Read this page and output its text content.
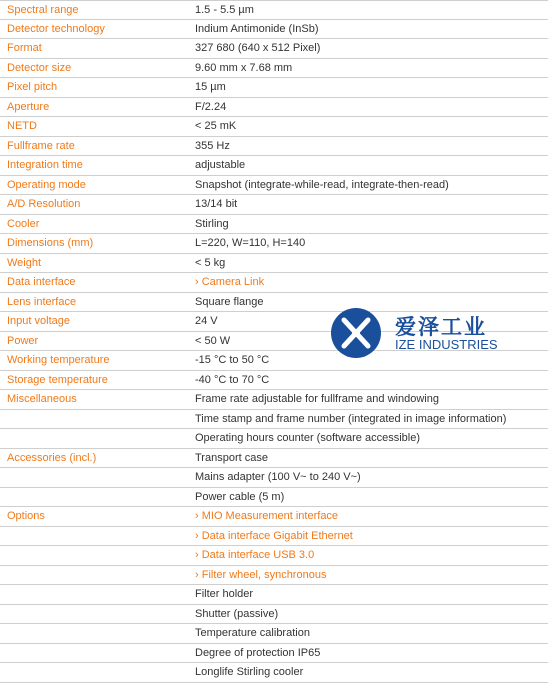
Spectral range	1.5 - 5.5 µm
Detector technology	Indium Antimonide (InSb)
Format	327 680 (640 x 512 Pixel)
Detector size	9.60 mm x 7.68 mm
Pixel pitch	15 µm
Aperture	F/2.24
NETD	< 25 mK
Fullframe rate	355 Hz
Integration time	adjustable
Operating mode	Snapshot (integrate-while-read, integrate-then-read)
A/D Resolution	13/14 bit
Cooler	Stirling
Dimensions (mm)	L=220, W=110, H=140
Weight	< 5 kg
Data interface	› Camera Link
Lens interface	Square flange
Input voltage	24 V
Power	< 50 W
Working temperature	-15 °C to 50 °C
Storage temperature	-40 °C to 70 °C
Miscellaneous	Frame rate adjustable for fullframe and windowing
Time stamp and frame number (integrated in image information)
Operating hours counter (software accessible)
Accessories (incl.)	Transport case
Mains adapter (100 V~ to 240 V~)
Power cable (5 m)
Options	› MIO Measurement interface
› Data interface Gigabit Ethernet
› Data interface USB 3.0
› Filter wheel, synchronous
Filter holder
Shutter (passive)
Temperature calibration
Degree of protection IP65
Longlife Stirling cooler
爱泽工业
IZE INDUSTRIES
